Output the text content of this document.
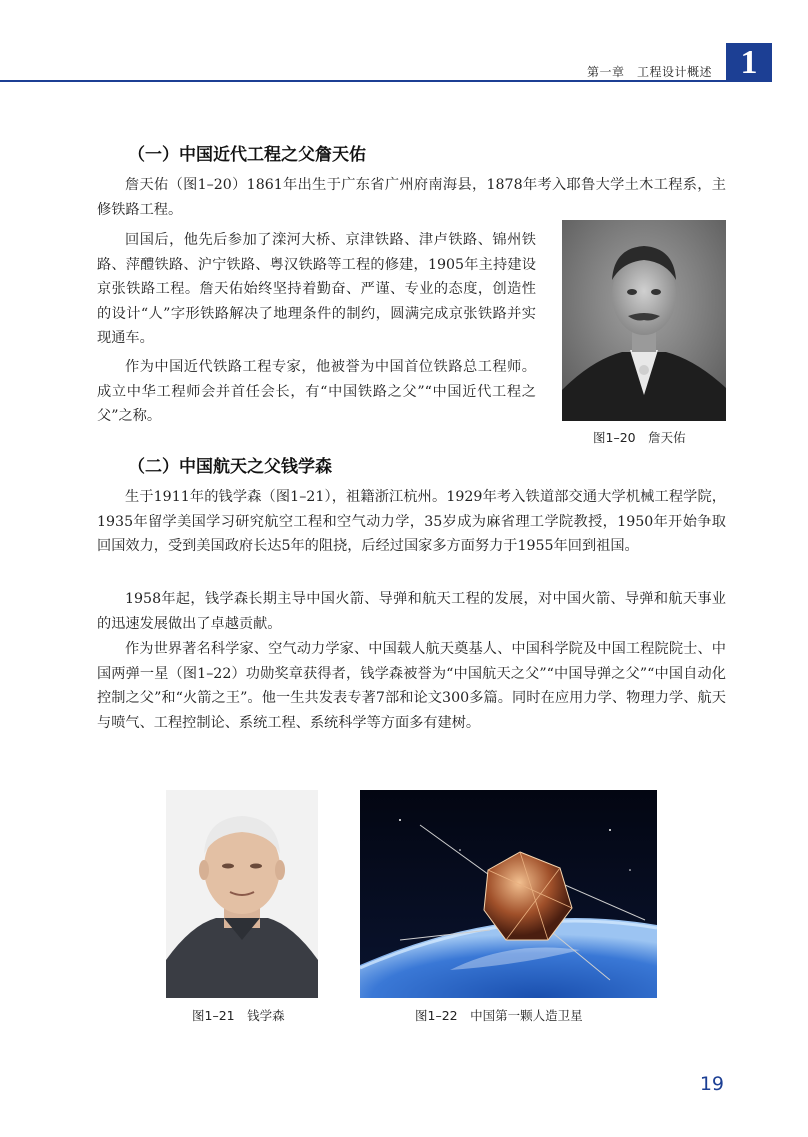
第一章　工程设计概述 1
（一）中国近代工程之父詹天佑

詹天佑（图1–20）1861年出生于广东省广州府南海县，1878年考入耶鲁大学土木工程系，主修铁路工程。

回国后，他先后参加了滦河大桥、京津铁路、津卢铁路、锦州铁路、萍醴铁路、沪宁铁路、粤汉铁路等工程的修建，1905年主持建设京张铁路工程。詹天佑始终坚持着勤奋、严谨、专业的态度，创造性的设计“人”字形铁路解决了地理条件的制约，圆满完成京张铁路并实现通车。

作为中国近代铁路工程专家，他被誉为中国首位铁路总工程师。成立中华工程师会并首任会长，有“中国铁路之父”“中国近代工程之父”之称。

图1–20　詹天佑
（二）中国航天之父钱学森

生于1911年的钱学森（图1–21），祖籍浙江杭州。1929年考入铁道部交通大学机械工程学院，1935年留学美国学习研究航空工程和空气动力学，35岁成为麻省理工学院教授，1950年开始争取回国效力，受到美国政府长达5年的阻挠，后经过国家多方面努力于1955年回到祖国。

1958年起，钱学森长期主导中国火箭、导弹和航天工程的发展，对中国火箭、导弹和航天事业的迅速发展做出了卓越贡献。

作为世界著名科学家、空气动力学家、中国载人航天奠基人、中国科学院及中国工程院院士、中国两弹一星（图1–22）功勋奖章获得者，钱学森被誉为“中国航天之父”“中国导弹之父”“中国自动化控制之父”和“火箭之王”。他一生共发表专著7部和论文300多篇。同时在应用力学、物理力学、航天与喷气、工程控制论、系统工程、系统科学等方面多有建树。

图1–21　钱学森	图1–22　中国第一颗人造卫星
19
